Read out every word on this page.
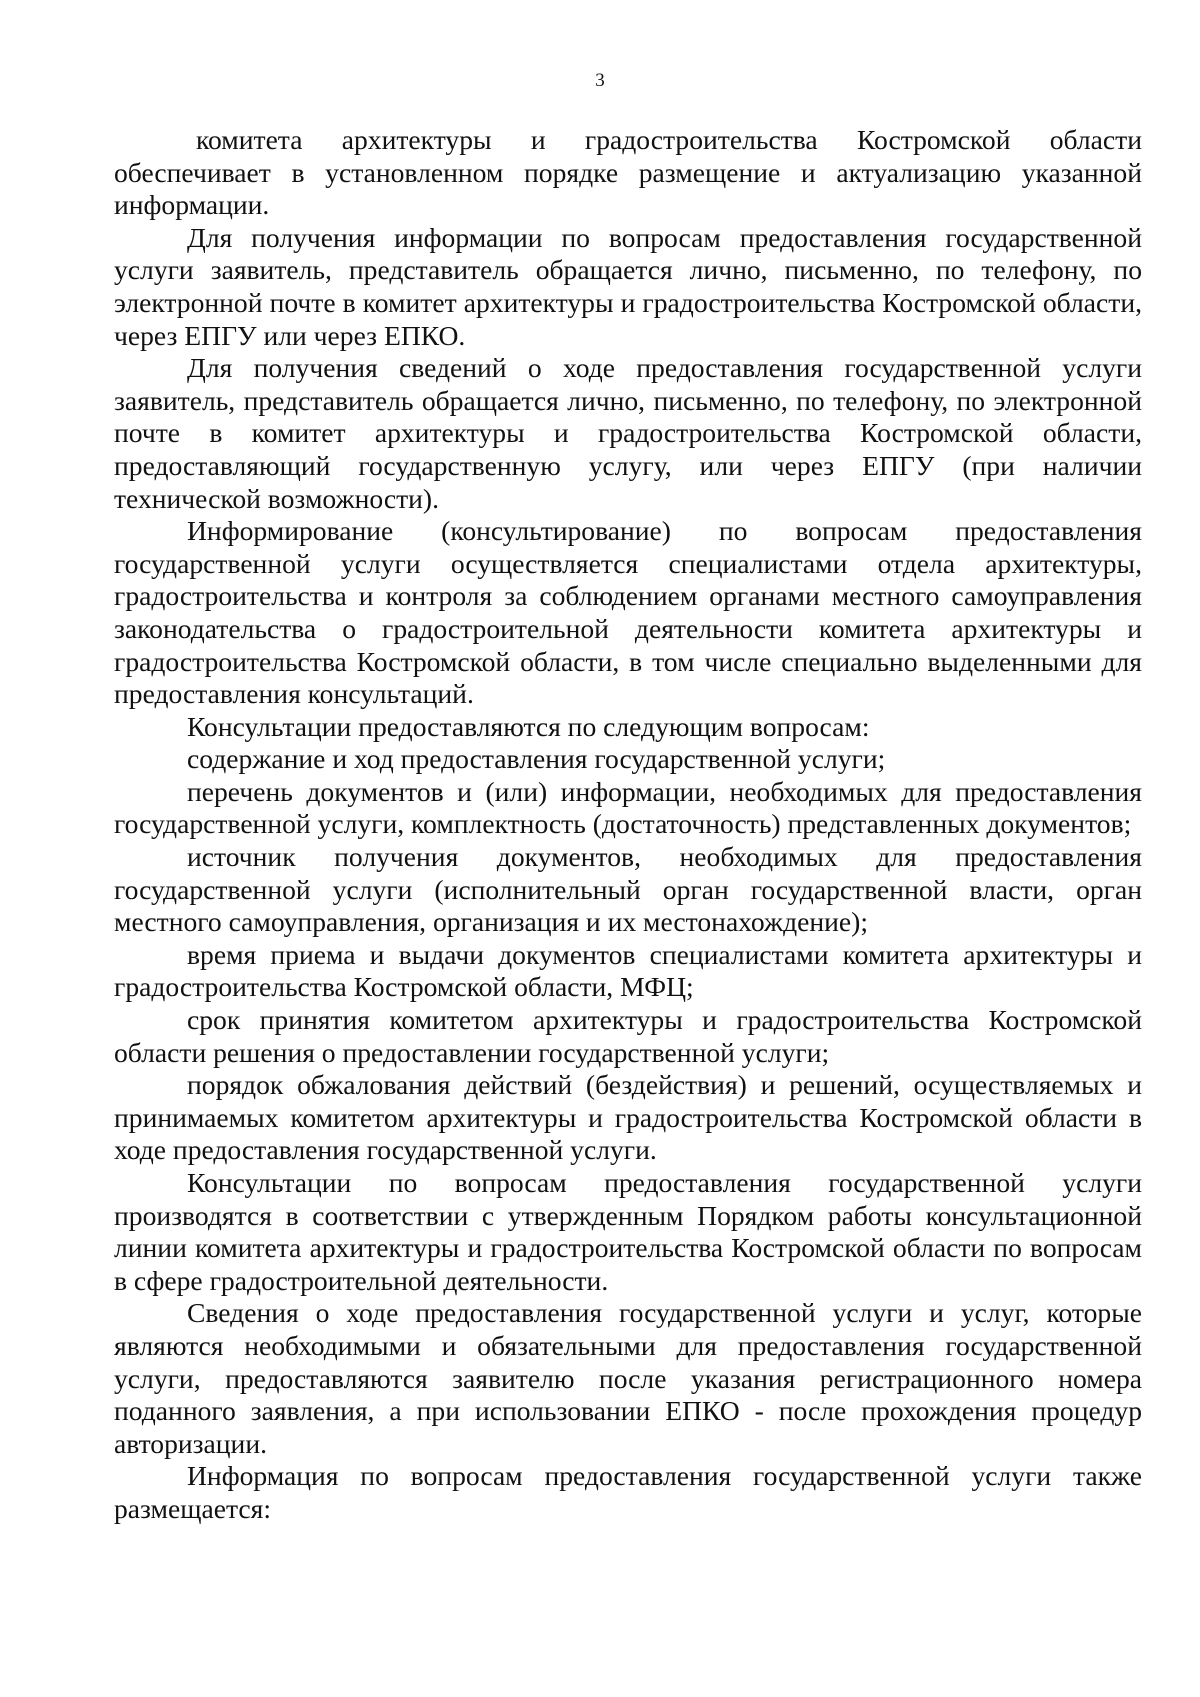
3

комитета архитектуры и градостроительства Костромской области обеспечивает в установленном порядке размещение и актуализацию указанной информации.

Для получения информации по вопросам предоставления государственной услуги заявитель, представитель обращается лично, письменно, по телефону, по электронной почте в комитет архитектуры и градостроительства Костромской области, через ЕПГУ или через ЕПКО.

Для получения сведений о ходе предоставления государственной услуги заявитель, представитель обращается лично, письменно, по телефону, по электронной почте в комитет архитектуры и градостроительства Костромской области, предоставляющий государственную услугу, или через ЕПГУ (при наличии технической возможности).

Информирование (консультирование) по вопросам предоставления государственной услуги осуществляется специалистами отдела архитектуры, градостроительства и контроля за соблюдением органами местного самоуправления законодательства о градостроительной деятельности комитета архитектуры и градостроительства Костромской области, в том числе специально выделенными для предоставления консультаций.

Консультации предоставляются по следующим вопросам:

содержание и ход предоставления государственной услуги;

перечень документов и (или) информации, необходимых для предоставления государственной услуги, комплектность (достаточность) представленных документов;

источник получения документов, необходимых для предоставления государственной услуги (исполнительный орган государственной власти, орган местного самоуправления, организация и их местонахождение);

время приема и выдачи документов специалистами комитета архитектуры и градостроительства Костромской области, МФЦ;

срок принятия комитетом архитектуры и градостроительства Костромской области решения о предоставлении государственной услуги;

порядок обжалования действий (бездействия) и решений, осуществляемых и принимаемых комитетом архитектуры и градостроительства Костромской области в ходе предоставления государственной услуги.

Консультации по вопросам предоставления государственной услуги производятся в соответствии с утвержденным Порядком работы консультационной линии комитета архитектуры и градостроительства Костромской области по вопросам в сфере градостроительной деятельности.

Сведения о ходе предоставления государственной услуги и услуг, которые являются необходимыми и обязательными для предоставления государственной услуги, предоставляются заявителю после указания регистрационного номера поданного заявления, а при использовании ЕПКО - после прохождения процедур авторизации.

Информация по вопросам предоставления государственной услуги также размещается:
